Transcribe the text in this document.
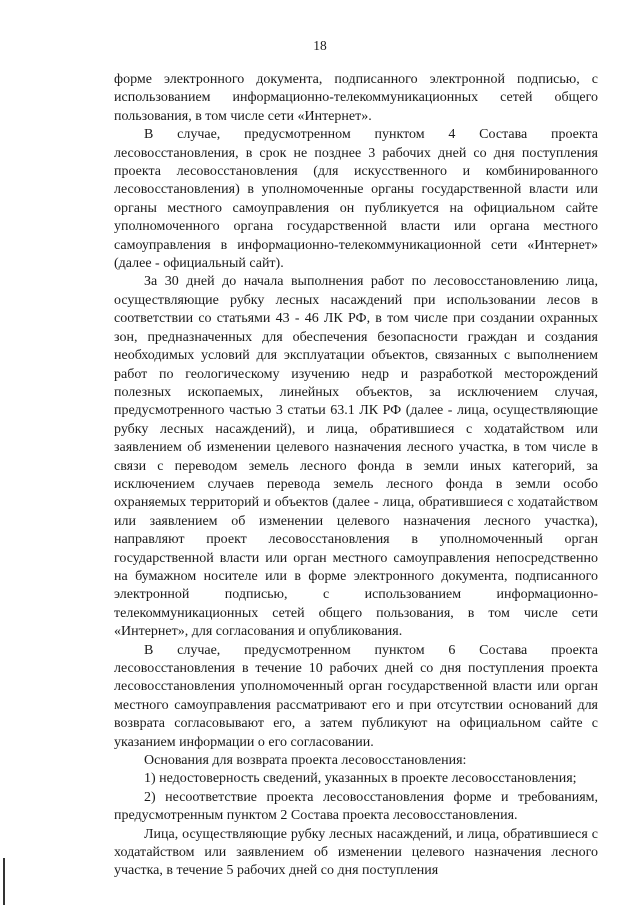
18

форме электронного документа, подписанного электронной подписью, с использованием информационно-телекоммуникационных сетей общего пользования, в том числе сети «Интернет».

В случае, предусмотренном пунктом 4 Состава проекта лесовосстановления, в срок не позднее 3 рабочих дней со дня поступления проекта лесовосстановления (для искусственного и комбинированного лесовосстановления) в уполномоченные органы государственной власти или органы местного самоуправления он публикуется на официальном сайте уполномоченного органа государственной власти или органа местного самоуправления в информационно-телекоммуникационной сети «Интернет» (далее - официальный сайт).

За 30 дней до начала выполнения работ по лесовосстановлению лица, осуществляющие рубку лесных насаждений при использовании лесов в соответствии со статьями 43 - 46 ЛК РФ, в том числе при создании охранных зон, предназначенных для обеспечения безопасности граждан и создания необходимых условий для эксплуатации объектов, связанных с выполнением работ по геологическому изучению недр и разработкой месторождений полезных ископаемых, линейных объектов, за исключением случая, предусмотренного частью 3 статьи 63.1 ЛК РФ (далее - лица, осуществляющие рубку лесных насаждений), и лица, обратившиеся с ходатайством или заявлением об изменении целевого назначения лесного участка, в том числе в связи с переводом земель лесного фонда в земли иных категорий, за исключением случаев перевода земель лесного фонда в земли особо охраняемых территорий и объектов (далее - лица, обратившиеся с ходатайством или заявлением об изменении целевого назначения лесного участка), направляют проект лесовосстановления в уполномоченный орган государственной власти или орган местного самоуправления непосредственно на бумажном носителе или в форме электронного документа, подписанного электронной подписью, с использованием информационно-телекоммуникационных сетей общего пользования, в том числе сети «Интернет», для согласования и опубликования.

В случае, предусмотренном пунктом 6 Состава проекта лесовосстановления в течение 10 рабочих дней со дня поступления проекта лесовосстановления уполномоченный орган государственной власти или орган местного самоуправления рассматривают его и при отсутствии оснований для возврата согласовывают его, а затем публикуют на официальном сайте с указанием информации о его согласовании.

Основания для возврата проекта лесовосстановления:

1) недостоверность сведений, указанных в проекте лесовосстановления;

2) несоответствие проекта лесовосстановления форме и требованиям, предусмотренным пунктом 2 Состава проекта лесовосстановления.

Лица, осуществляющие рубку лесных насаждений, и лица, обратившиеся с ходатайством или заявлением об изменении целевого назначения лесного участка, в течение 5 рабочих дней со дня поступления
